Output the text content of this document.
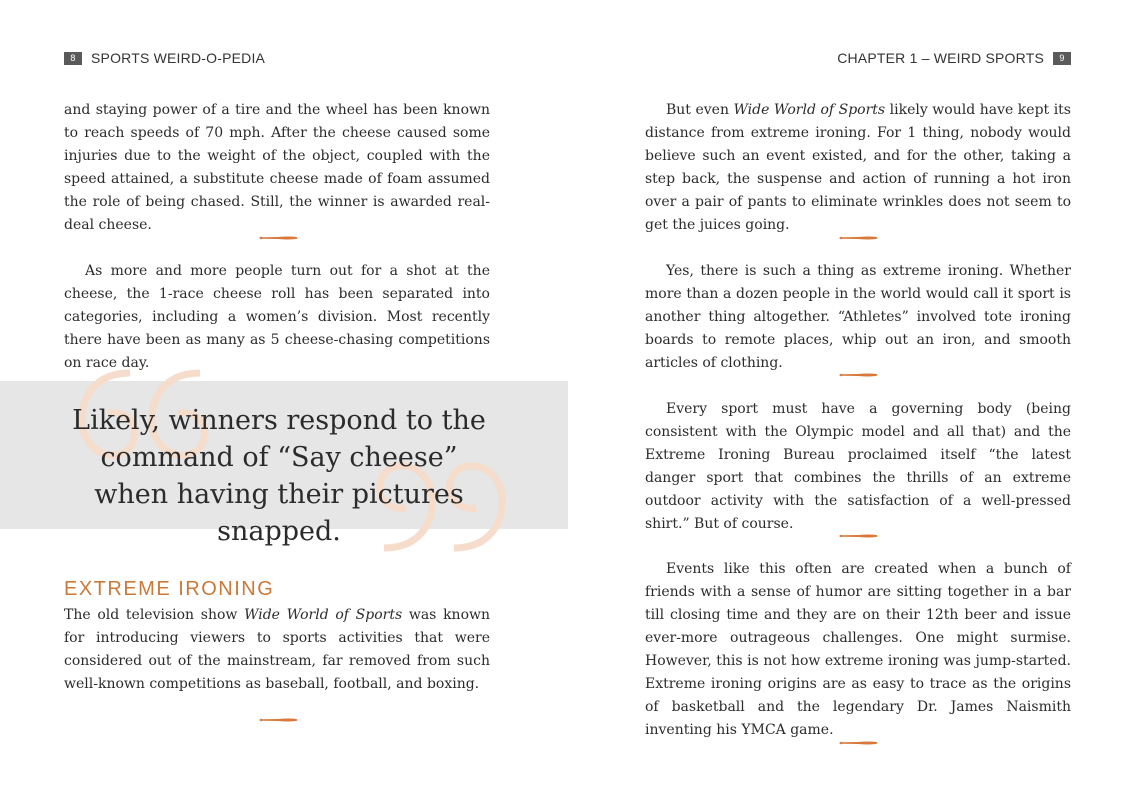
8	SPORTS WEIRD-O-PEDIA

and staying power of a tire and the wheel has been known to reach speeds of 70 mph. After the cheese caused some injuries due to the weight of the object, coupled with the speed attained, a substitute cheese made of foam assumed the role of being chased. Still, the winner is awarded real-deal cheese.

As more and more people turn out for a shot at the cheese, the 1-race cheese roll has been separated into categories, including a women’s division. Most recently there have been as many as 5 cheese-chasing competitions on race day.

Likely, winners respond to the command of “Say cheese” when having their pictures snapped.

EXTREME IRONING

The old television show Wide World of Sports was known for introducing viewers to sports activities that were considered out of the mainstream, far removed from such well-known competitions as baseball, football, and boxing.

CHAPTER 1 – WEIRD SPORTS	9

But even Wide World of Sports likely would have kept its distance from extreme ironing. For 1 thing, nobody would believe such an event existed, and for the other, taking a step back, the suspense and action of running a hot iron over a pair of pants to eliminate wrinkles does not seem to get the juices going.

Yes, there is such a thing as extreme ironing. Whether more than a dozen people in the world would call it sport is another thing altogether. “Athletes” involved tote ironing boards to remote places, whip out an iron, and smooth articles of clothing.

Every sport must have a governing body (being consistent with the Olympic model and all that) and the Extreme Ironing Bureau proclaimed itself “the latest danger sport that combines the thrills of an extreme outdoor activity with the satisfaction of a well-pressed shirt.” But of course.

Events like this often are created when a bunch of friends with a sense of humor are sitting together in a bar till closing time and they are on their 12th beer and issue ever-more outrageous challenges. One might surmise. However, this is not how extreme ironing was jump-started. Extreme ironing origins are as easy to trace as the origins of basketball and the legendary Dr. James Naismith inventing his YMCA game.
